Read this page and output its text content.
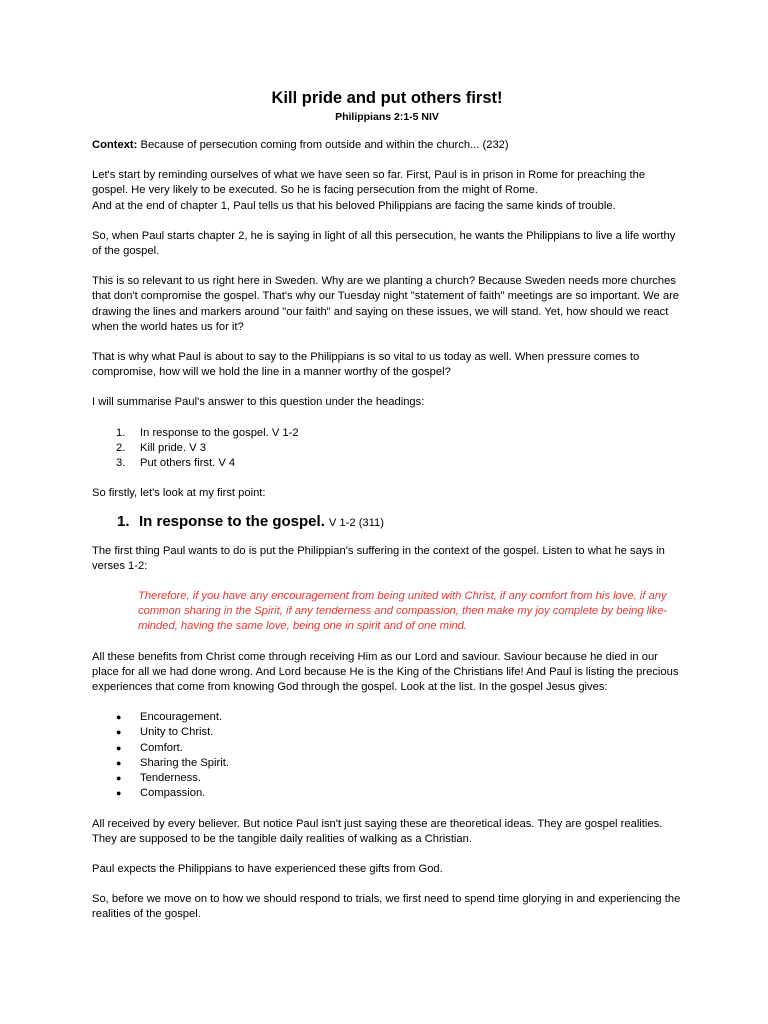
Kill pride and put others first!

Philippians 2:1-5 NIV

Context: Because of persecution coming from outside and within the church... (232)

Let's start by reminding ourselves of what we have seen so far. First, Paul is in prison in Rome for preaching the gospel. He very likely to be executed. So he is facing persecution from the might of Rome.

And at the end of chapter 1, Paul tells us that his beloved Philippians are facing the same kinds of trouble.

So, when Paul starts chapter 2, he is saying in light of all this persecution, he wants the Philippians to live a life worthy of the gospel.

This is so relevant to us right here in Sweden. Why are we planting a church? Because Sweden needs more churches that don't compromise the gospel. That's why our Tuesday night "statement of faith" meetings are so important. We are drawing the lines and markers around "our faith" and saying on these issues, we will stand. Yet, how should we react when the world hates us for it?

That is why what Paul is about to say to the Philippians is so vital to us today as well. When pressure comes to compromise, how will we hold the line in a manner worthy of the gospel?

I will summarise Paul's answer to this question under the headings:

1.	In response to the gospel. V 1-2
2.	Kill pride. V 3
3.	Put others first. V 4

So firstly, let's look at my first point:

1. In response to the gospel. V 1-2 (311)

The first thing Paul wants to do is put the Philippian's suffering in the context of the gospel. Listen to what he says in verses 1-2:

Therefore, if you have any encouragement from being united with Christ, if any comfort from his love, if any common sharing in the Spirit, if any tenderness and compassion, then make my joy complete by being like-minded, having the same love, being one in spirit and of one mind.

All these benefits from Christ come through receiving Him as our Lord and saviour. Saviour because he died in our place for all we had done wrong. And Lord because He is the King of the Christians life! And Paul is listing the precious experiences that come from knowing God through the gospel. Look at the list. In the gospel Jesus gives:

●	Encouragement.
●	Unity to Christ.
●	Comfort.
●	Sharing the Spirit.
●	Tenderness.
●	Compassion.

All received by every believer. But notice Paul isn't just saying these are theoretical ideas. They are gospel realities. They are supposed to be the tangible daily realities of walking as a Christian.

Paul expects the Philippians to have experienced these gifts from God.

So, before we move on to how we should respond to trials, we first need to spend time glorying in and experiencing the realities of the gospel.
